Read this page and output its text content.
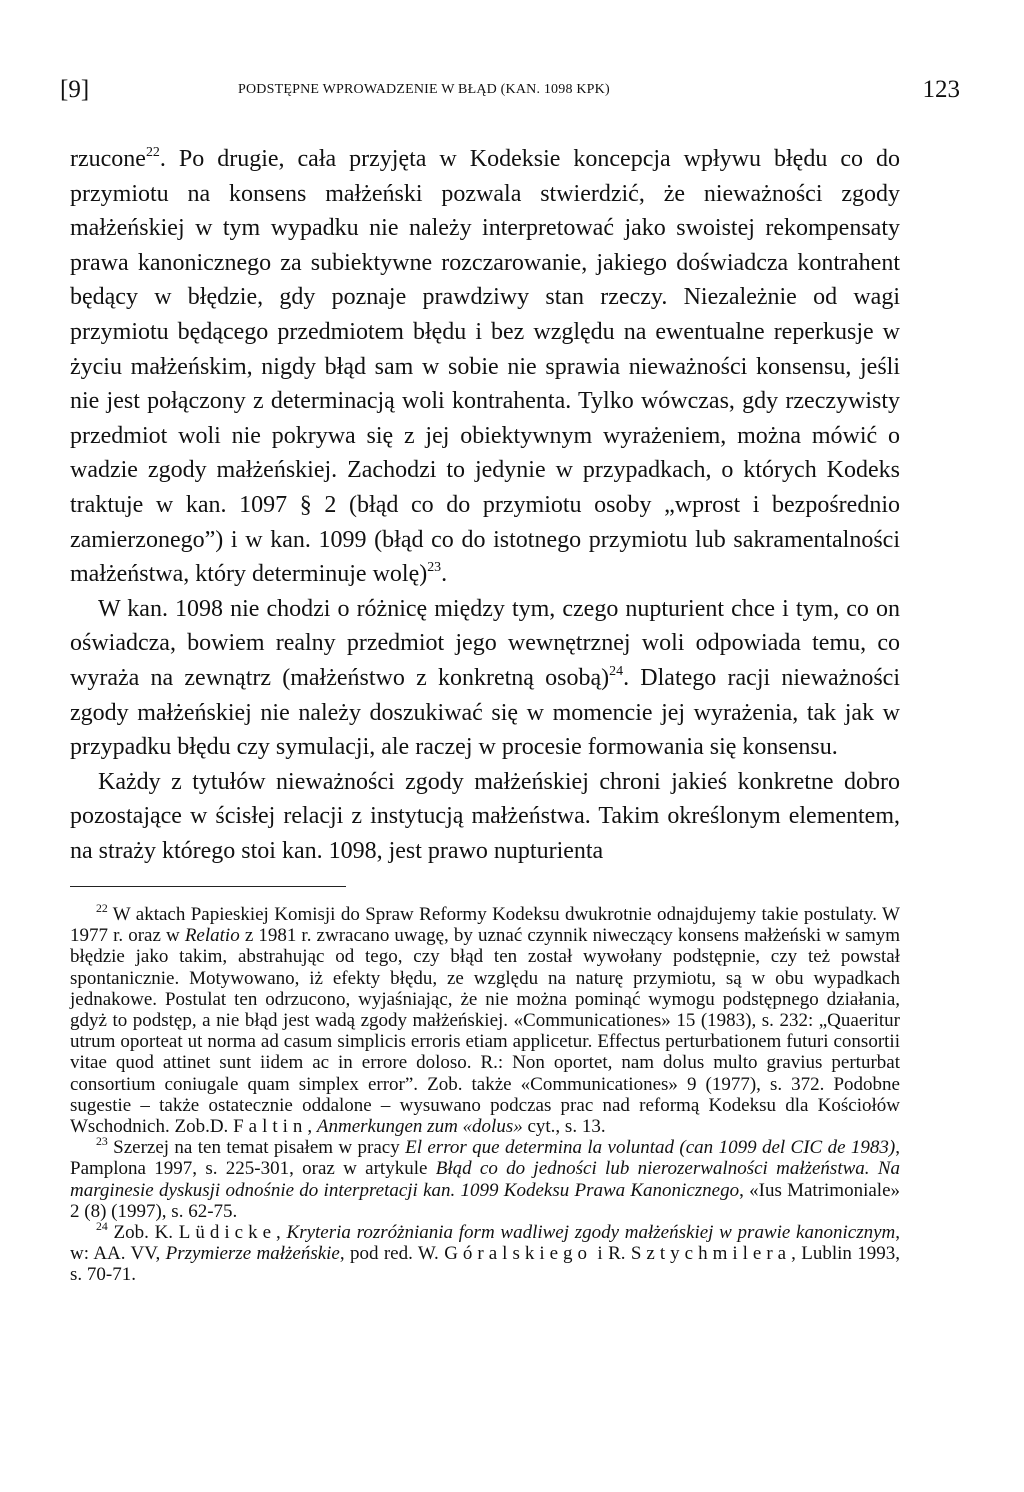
[9]	PODSTĘPNE WPROWADZENIE W BŁĄD (KAN. 1098 KPK)	123

rzucone$^{22}$. Po drugie, cała przyjęta w Kodeksie koncepcja wpływu błędu co do przymiotu na konsens małżeński pozwala stwierdzić, że nieważności zgody małżeńskiej w tym wypadku nie należy interpretować jako swoistej rekompensaty prawa kanonicznego za subiektywne rozczarowanie, jakiego doświadcza kontrahent będący w błędzie, gdy poznaje prawdziwy stan rzeczy. Niezależnie od wagi przymiotu będącego przedmiotem błędu i bez względu na ewentualne reperkusje w życiu małżeńskim, nigdy błąd sam w sobie nie sprawia nieważności konsensu, jeśli nie jest połączony z determinacją woli kontrahenta. Tylko wówczas, gdy rzeczywisty przedmiot woli nie pokrywa się z jej obiektywnym wyrażeniem, można mówić o wadzie zgody małżeńskiej. Zachodzi to jedynie w przypadkach, o których Kodeks traktuje w kan. 1097 § 2 (błąd co do przymiotu osoby „wprost i bezpośrednio zamierzonego”) i w kan. 1099 (błąd co do istotnego przymiotu lub sakramentalności małżeństwa, który determinuje wolę)$^{23}$.

W kan. 1098 nie chodzi o różnicę między tym, czego nupturient chce i tym, co on oświadcza, bowiem realny przedmiot jego wewnętrznej woli odpowiada temu, co wyraża na zewnątrz (małżeństwo z konkretną osobą)$^{24}$. Dlatego racji nieważności zgody małżeńskiej nie należy doszukiwać się w momencie jej wyrażenia, tak jak w przypadku błędu czy symulacji, ale raczej w procesie formowania się konsensu.

Każdy z tytułów nieważności zgody małżeńskiej chroni jakieś konkretne dobro pozostające w ścisłej relacji z instytucją małżeństwa. Takim określonym elementem, na straży którego stoi kan. 1098, jest prawo nupturienta

$^{22}$ W aktach Papieskiej Komisji do Spraw Reformy Kodeksu dwukrotnie odnajdujemy takie postulaty. W 1977 r. oraz w Relatio z 1981 r. zwracano uwagę, by uznać czynnik niweczący konsens małżeński w samym błędzie jako takim, abstrahując od tego, czy błąd ten został wywołany podstępnie, czy też powstał spontanicznie. Motywowano, iż efekty błędu, ze względu na naturę przymiotu, są w obu wypadkach jednakowe. Postulat ten odrzucono, wyjaśniając, że nie można pominąć wymogu podstępnego działania, gdyż to podstęp, a nie błąd jest wadą zgody małżeńskiej. «Communicationes» 15 (1983), s. 232: „Quaeritur utrum oporteat ut norma ad casum simplicis erroris etiam applicetur. Effectus perturbationem futuri consortii vitae quod attinet sunt iidem ac in errore doloso. R.: Non oportet, nam dolus multo gravius perturbat consortium coniugale quam simplex error”. Zob. także «Communicationes» 9 (1977), s. 372. Podobne sugestie – także ostatecznie oddalone – wysuwano podczas prac nad reformą Kodeksu dla Kościołów Wschodnich. Zob.D. Faltin, Anmerkungen zum «dolus» cyt., s. 13.

$^{23}$ Szerzej na ten temat pisałem w pracy El error que determina la voluntad (can 1099 del CIC de 1983), Pamplona 1997, s. 225-301, oraz w artykule Błąd co do jedności lub nierozerwalności małżeństwa. Na marginesie dyskusji odnośnie do interpretacji kan. 1099 Kodeksu Prawa Kanonicznego, «Ius Matrimoniale» 2 (8) (1997), s. 62-75.

$^{24}$ Zob. K. Lüdicke, Kryteria rozróżniania form wadliwej zgody małżeńskiej w prawie kanonicznym, w: AA. VV, Przymierze małżeńskie, pod red. W. Góralskiego i R. Sztychmilera, Lublin 1993, s. 70-71.
